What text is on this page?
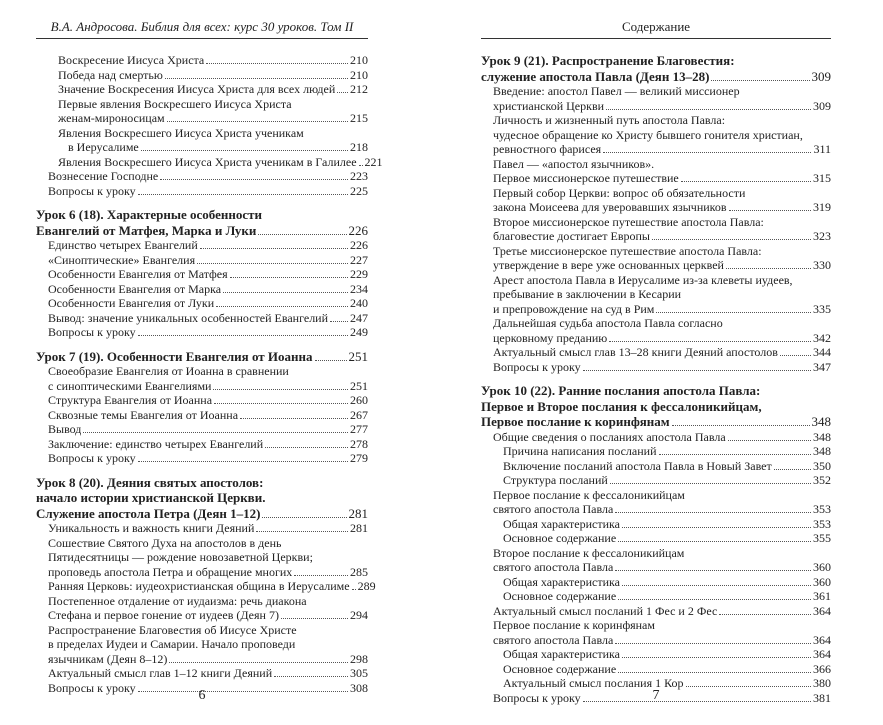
В.А. Андросова. Библия для всех: курс 30 уроков. Том II
Воскресение Иисуса Христа	210
Победа над смертью	210
Значение Воскресения Иисуса Христа для всех людей 212
Первые явления Воскресшего Иисуса Христа
женам-мироносицам	215
Явления Воскресшего Иисуса Христа ученикам
в Иерусалиме	218
Явления Воскресшего Иисуса Христа ученикам в Галилее 221
Вознесение Господне	223
Вопросы к уроку	225
Урок 6 (18). Характерные особенности
Евангелий от Матфея, Марка и Луки	226
Единство четырех Евангелий	226
«Синоптические» Евангелия	227
Особенности Евангелия от Матфея	229
Особенности Евангелия от Марка	234
Особенности Евангелия от Луки	240
Вывод: значение уникальных особенностей Евангелий 247
Вопросы к уроку	249
Урок 7 (19). Особенности Евангелия от Иоанна	251
Своеобразие Евангелия от Иоанна в сравнении
с синоптическими Евангелиями	251
Структура Евангелия от Иоанна	260
Сквозные темы Евангелия от Иоанна	267
Вывод	277
Заключение: единство четырех Евангелий	278
Вопросы к уроку	279
Урок 8 (20). Деяния святых апостолов:
начало истории христианской Церкви.
Служение апостола Петра (Деян 1–12)	281
Уникальность и важность книги Деяний	281
Сошествие Святого Духа на апостолов в день
Пятидесятницы — рождение новозаветной Церкви;
проповедь апостола Петра и обращение многих	285
Ранняя Церковь: иудеохристианская община в Иерусалиме 289
Постепенное отдаление от иудаизма: речь диакона
Стефана и первое гонение от иудеев (Деян 7)	294
Распространение Благовестия об Иисусе Христе
в пределах Иудеи и Самарии. Начало проповеди
язычникам (Деян 8–12)	298
Актуальный смысл глав 1–12 книги Деяний	305
Вопросы к уроку	308
6
Содержание
Урок 9 (21). Распространение Благовестия:
служение апостола Павла (Деян 13–28)	309
Введение: апостол Павел — великий миссионер
христианской Церкви	309
Личность и жизненный путь апостола Павла:
чудесное обращение ко Христу бывшего гонителя христиан,
ревностного фарисея	311
Павел — «апостол язычников».
Первое миссионерское путешествие	315
Первый собор Церкви: вопрос об обязательности
закона Моисеева для уверовавших язычников	319
Второе миссионерское путешествие апостола Павла:
благовестие достигает Европы	323
Третье миссионерское путешествие апостола Павла:
утверждение в вере уже основанных церквей	330
Арест апостола Павла в Иерусалиме из-за клеветы иудеев,
пребывание в заключении в Кесарии
и препровождение на суд в Рим	335
Дальнейшая судьба апостола Павла согласно
церковному преданию	342
Актуальный смысл глав 13–28 книги Деяний апостолов	344
Вопросы к уроку	347
Урок 10 (22). Ранние послания апостола Павла:
Первое и Второе послания к фессалоникийцам,
Первое послание к коринфянам	348
Общие сведения о посланиях апостола Павла	348
Причина написания посланий	348
Включение посланий апостола Павла в Новый Завет	350
Структура посланий	352
Первое послание к фессалоникийцам
святого апостола Павла	353
Общая характеристика	353
Основное содержание	355
Второе послание к фессалоникийцам
святого апостола Павла	360
Общая характеристика	360
Основное содержание	361
Актуальный смысл посланий 1 Фес и 2 Фес	364
Первое послание к коринфянам
святого апостола Павла	364
Общая характеристика	364
Основное содержание	366
Актуальный смысл послания 1 Кор	380
Вопросы к уроку	381
7
